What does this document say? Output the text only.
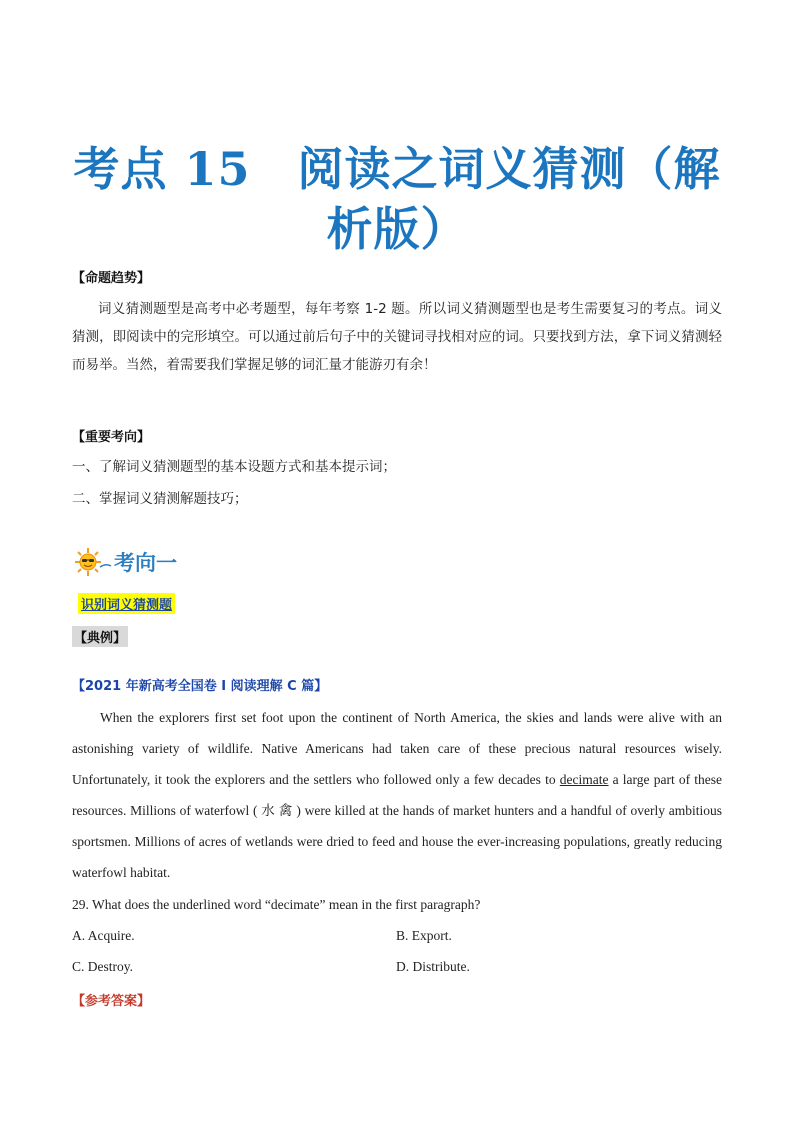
考点 15　阅读之词义猜测（解
析版）
【命题趋势】
词义猜测题型是高考中必考题型，每年考察 1-2 题。所以词义猜测题型也是考生需要复习的考点。词义猜测，即阅读中的完形填空。可以通过前后句子中的关键词寻找相对应的词。只要找到方法，拿下词义猜测轻而易举。当然，着需要我们掌握足够的词汇量才能游刃有余！
【重要考向】
一、了解词义猜测题型的基本设题方式和基本提示词；
二、掌握词义猜测解题技巧；
考向一
识别词义猜测题
【典例】
【2021 年新高考全国卷 I 阅读理解 C 篇】
When the explorers first set foot upon the continent of North America, the skies and lands were alive with an astonishing variety of wildlife. Native Americans had taken care of these precious natural resources wisely. Unfortunately, it took the explorers and the settlers who followed only a few decades to decimate a large part of these resources. Millions of waterfowl ( 水 禽 ) were killed at the hands of market hunters and a handful of overly ambitious sportsmen. Millions of acres of wetlands were dried to feed and house the ever-increasing populations, greatly reducing waterfowl habitat.
29. What does the underlined word “decimate” mean in the first paragraph?
A. Acquire.	B. Export.
C. Destroy.	D. Distribute.
【参考答案】
